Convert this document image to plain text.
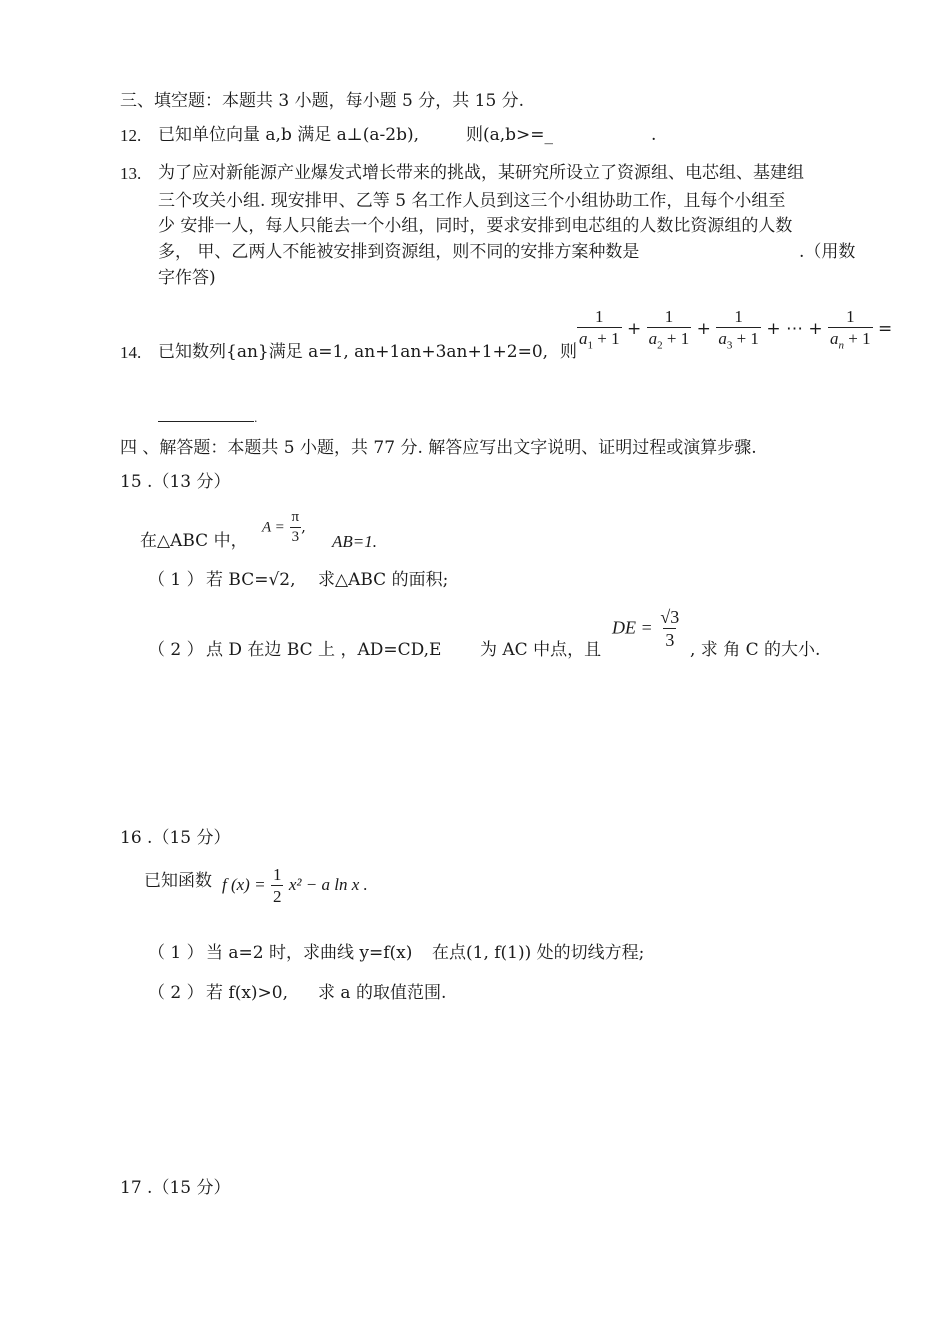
三、填空题：本题共 3 小题，每小题 5 分，共 15 分.
12. 已知单位向量 a,b 满足 a⊥(a-2b),	则(a,b>=_	.
13. 为了应对新能源产业爆发式增长带来的挑战，某研究所设立了资源组、电芯组、基建组
三个攻关小组. 现安排甲、乙等 5 名工作人员到这三个小组协助工作，且每个小组至
少 安排一人，每人只能去一个小组，同时，要求安排到电芯组的人数比资源组的人数
多， 甲、乙两人不能被安排到资源组，则不同的安排方案种数是	.（用数
字作答)
14. 已知数列{an}满足 a=1, an+1an+3an+1+2=0, 则
$\frac{1}{a_1 + 1} + \frac{1}{a_2 + 1} + \frac{1}{a_3 + 1}$ + ⋯ + $\frac{1}{a_n + 1}$ =
.
四 、解答题：本题共 5 小题，共 77 分. 解答应写出文字说明、证明过程或演算步骤.
15 .（13 分）
在△ABC 中，
$A = \frac{\pi}{3}$ ,
AB=1.
（ 1 ） 若 BC=√2, 求△ABC 的面积;
（ 2 ） 点 D 在边 BC 上 ，AD=CD,E 为 AC 中点，且
DE = $\frac{√3}{3}$
, 求 角 C 的大小.
16 .（15 分）
已知函数 f $(x) = \frac{1}{2} x^2 - a$ ln x .
（ 1 ） 当 a=2 时，求曲线 y=f(x) 在点(1, f(1)) 处的切线方程;
（ 2 ） 若 f(x)>0, 求 a 的取值范围.
17 .（15 分）
